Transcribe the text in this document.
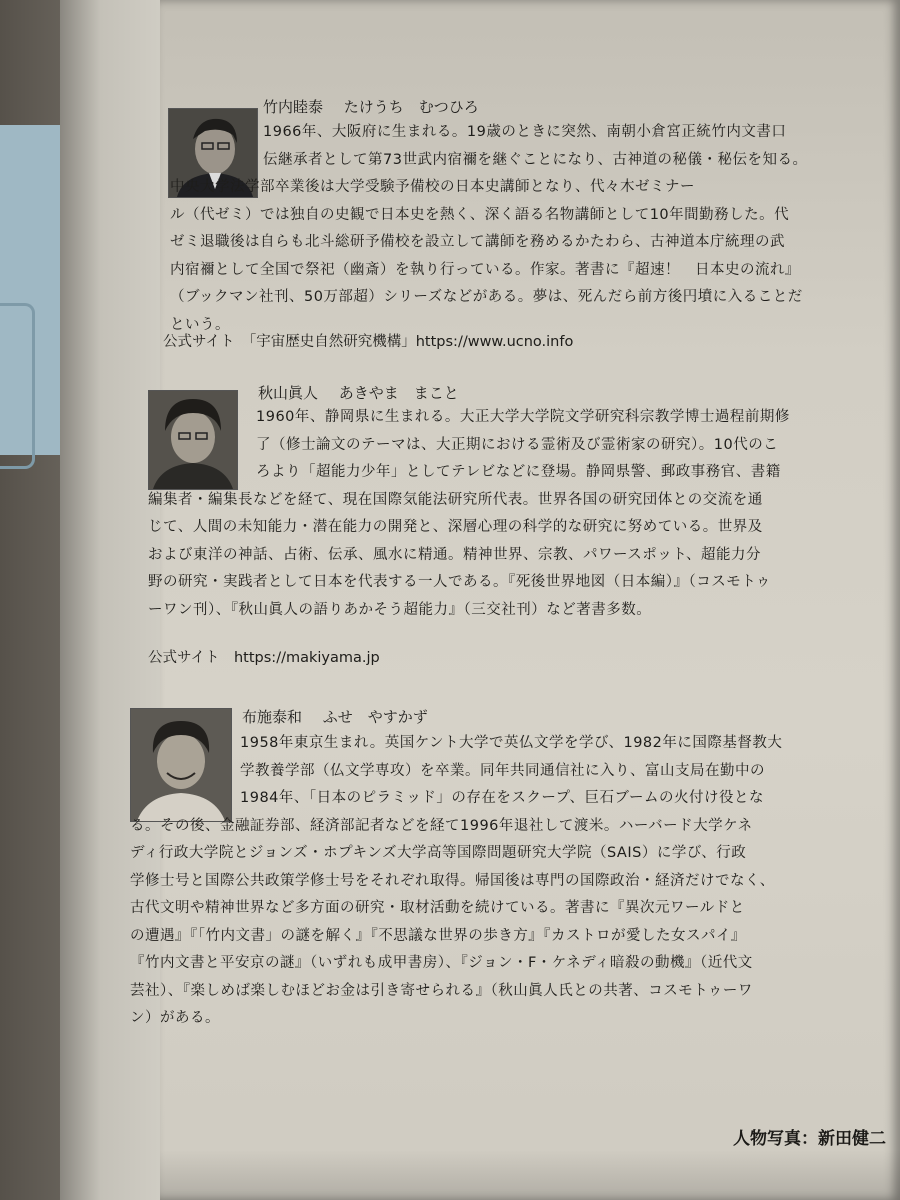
竹内睦泰 たけうち　むつひろ
1966年、大阪府に生まれる。19歳のときに突然、南朝小倉宮正統竹内文書口
伝継承者として第73世武内宿禰を継ぐことになり、古神道の秘儀・秘伝を知る。
中央大学法学部卒業後は大学受験予備校の日本史講師となり、代々木ゼミナー
ル（代ゼミ）では独自の史観で日本史を熱く、深く語る名物講師として10年間勤務した。代
ゼミ退職後は自らも北斗総研予備校を設立して講師を務めるかたわら、古神道本庁統理の武
内宿禰として全国で祭祀（幽斎）を執り行っている。作家。著書に『超速！　日本史の流れ』
（ブックマン社刊、50万部超）シリーズなどがある。夢は、死んだら前方後円墳に入ることだ
という。
公式サイト　「宇宙歴史自然研究機構」https://www.ucno.info
秋山眞人 あきやま　まこと
1960年、静岡県に生まれる。大正大学大学院文学研究科宗教学博士過程前期修
了（修士論文のテーマは、大正期における霊術及び霊術家の研究）。10代のこ
ろより「超能力少年」としてテレビなどに登場。静岡県警、郵政事務官、書籍
編集者・編集長などを経て、現在国際気能法研究所代表。世界各国の研究団体との交流を通
じて、人間の未知能力・潜在能力の開発と、深層心理の科学的な研究に努めている。世界及
および東洋の神話、占術、伝承、風水に精通。精神世界、宗教、パワースポット、超能力分
野の研究・実践者として日本を代表する一人である。『死後世界地図（日本編）』（コスモトゥ
ーワン刊）、『秋山眞人の語りあかそう超能力』（三交社刊）など著書多数。
公式サイト　https://makiyama.jp
布施泰和 ふせ　やすかず
1958年東京生まれ。英国ケント大学で英仏文学を学び、1982年に国際基督教大
学教養学部（仏文学専攻）を卒業。同年共同通信社に入り、富山支局在勤中の
1984年、「日本のピラミッド」の存在をスクープ、巨石ブームの火付け役とな
る。その後、金融証券部、経済部記者などを経て1996年退社して渡米。ハーバード大学ケネ
ディ行政大学院とジョンズ・ホプキンズ大学高等国際問題研究大学院（SAIS）に学び、行政
学修士号と国際公共政策学修士号をそれぞれ取得。帰国後は専門の国際政治・経済だけでなく、
古代文明や精神世界など多方面の研究・取材活動を続けている。著書に『異次元ワールドと
の遭遇』『「竹内文書」の謎を解く』『不思議な世界の歩き方』『カストロが愛した女スパイ』
『竹内文書と平安京の謎』（いずれも成甲書房）、『ジョン・F・ケネディ暗殺の動機』（近代文
芸社）、『楽しめば楽しむほどお金は引き寄せられる』（秋山眞人氏との共著、コスモトゥーワ
ン）がある。
人物写真：新田健二
